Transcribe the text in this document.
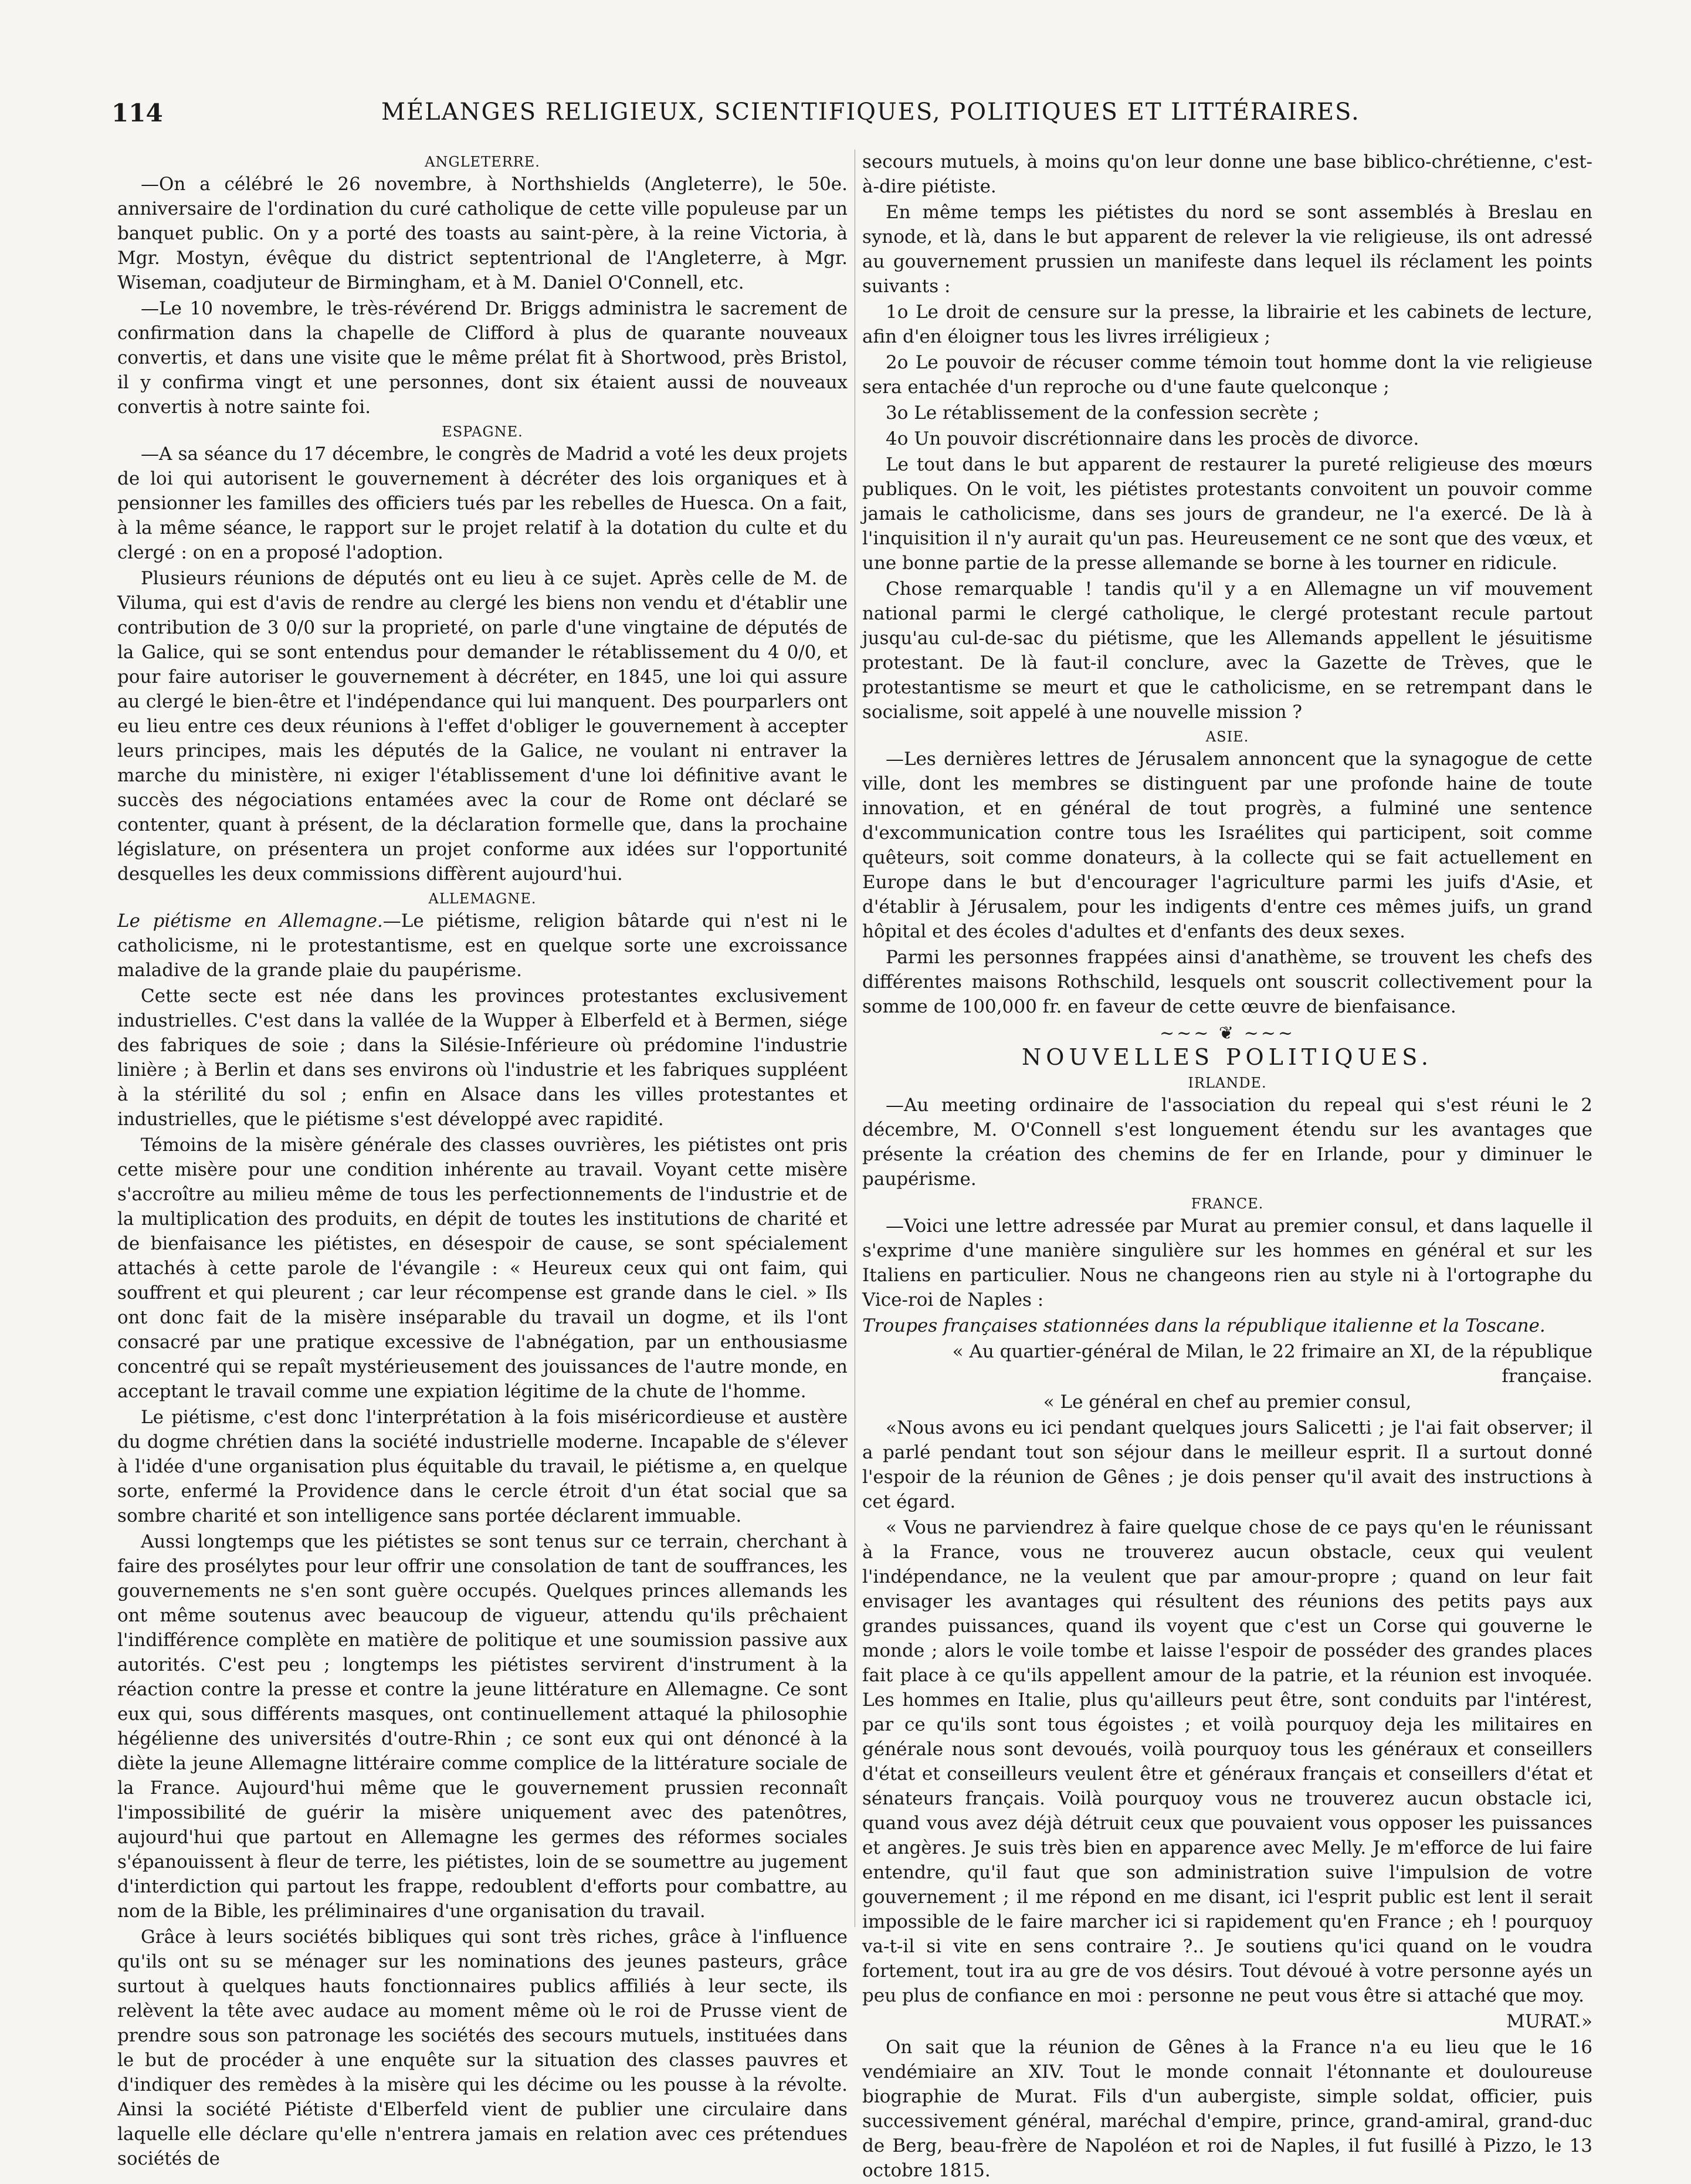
114	MÉLANGES RELIGIEUX, SCIENTIFIQUES, POLITIQUES ET LITTÉRAIRES.
ANGLETERRE.

—On a célébré le 26 novembre, à Northshields (Angleterre), le 50e. anniversaire de l'ordination du curé catholique de cette ville populeuse par un banquet public. On y a porté des toasts au saint-père, à la reine Victoria, à Mgr. Mostyn, évêque du district septentrional de l'Angleterre, à Mgr. Wiseman, coadjuteur de Birmingham, et à M. Daniel O'Connell, etc.

—Le 10 novembre, le très-révérend Dr. Briggs administra le sacrement de confirmation dans la chapelle de Clifford à plus de quarante nouveaux convertis, et dans une visite que le même prélat fit à Shortwood, près Bristol, il y confirma vingt et une personnes, dont six étaient aussi de nouveaux convertis à notre sainte foi.

ESPAGNE.

—A sa séance du 17 décembre, le congrès de Madrid a voté les deux projets de loi qui autorisent le gouvernement à décréter des lois organiques et à pensionner les familles des officiers tués par les rebelles de Huesca. On a fait, à la même séance, le rapport sur le projet relatif à la dotation du culte et du clergé : on en a proposé l'adoption.

Plusieurs réunions de députés ont eu lieu à ce sujet. Après celle de M. de Viluma, qui est d'avis de rendre au clergé les biens non vendu et d'établir une contribution de 3 0/0 sur la proprieté, on parle d'une vingtaine de députés de la Galice, qui se sont entendus pour demander le rétablissement du 4 0/0, et pour faire autoriser le gouvernement à décréter, en 1845, une loi qui assure au clergé le bien-être et l'indépendance qui lui manquent. Des pourparlers ont eu lieu entre ces deux réunions à l'effet d'obliger le gouvernement à accepter leurs principes, mais les députés de la Galice, ne voulant ni entraver la marche du ministère, ni exiger l'établissement d'une loi définitive avant le succès des négociations entamées avec la cour de Rome ont déclaré se contenter, quant à présent, de la déclaration formelle que, dans la prochaine législature, on présentera un projet conforme aux idées sur l'opportunité desquelles les deux commissions diffèrent aujourd'hui.

ALLEMAGNE.

Le piétisme en Allemagne.—Le piétisme, religion bâtarde qui n'est ni le catholicisme, ni le protestantisme, est en quelque sorte une excroissance maladive de la grande plaie du paupérisme.

Cette secte est née dans les provinces protestantes exclusivement industrielles. C'est dans la vallée de la Wupper à Elberfeld et à Bermen, siége des fabriques de soie ; dans la Silésie-Inférieure où prédomine l'industrie linière ; à Berlin et dans ses environs où l'industrie et les fabriques suppléent à la stérilité du sol ; enfin en Alsace dans les villes protestantes et industrielles, que le piétisme s'est développé avec rapidité.

Témoins de la misère générale des classes ouvrières, les piétistes ont pris cette misère pour une condition inhérente au travail. Voyant cette misère s'accroître au milieu même de tous les perfectionnements de l'industrie et de la multiplication des produits, en dépit de toutes les institutions de charité et de bienfaisance les piétistes, en désespoir de cause, se sont spécialement attachés à cette parole de l'évangile : « Heureux ceux qui ont faim, qui souffrent et qui pleurent ; car leur récompense est grande dans le ciel. » Ils ont donc fait de la misère inséparable du travail un dogme, et ils l'ont consacré par une pratique excessive de l'abnégation, par un enthousiasme concentré qui se repaît mystérieusement des jouissances de l'autre monde, en acceptant le travail comme une expiation légitime de la chute de l'homme.

Le piétisme, c'est donc l'interprétation à la fois miséricordieuse et austère du dogme chrétien dans la société industrielle moderne. Incapable de s'élever à l'idée d'une organisation plus équitable du travail, le piétisme a, en quelque sorte, enfermé la Providence dans le cercle étroit d'un état social que sa sombre charité et son intelligence sans portée déclarent immuable.

Aussi longtemps que les piétistes se sont tenus sur ce terrain, cherchant à faire des prosélytes pour leur offrir une consolation de tant de souffrances, les gouvernements ne s'en sont guère occupés. Quelques princes allemands les ont même soutenus avec beaucoup de vigueur, attendu qu'ils prêchaient l'indifférence complète en matière de politique et une soumission passive aux autorités. C'est peu ; longtemps les piétistes servirent d'instrument à la réaction contre la presse et contre la jeune littérature en Allemagne. Ce sont eux qui, sous différents masques, ont continuellement attaqué la philosophie hégélienne des universités d'outre-Rhin ; ce sont eux qui ont dénoncé à la diète la jeune Allemagne littéraire comme complice de la littérature sociale de la France. Aujourd'hui même que le gouvernement prussien reconnaît l'impossibilité de guérir la misère uniquement avec des patenôtres, aujourd'hui que partout en Allemagne les germes des réformes sociales s'épanouissent à fleur de terre, les piétistes, loin de se soumettre au jugement d'interdiction qui partout les frappe, redoublent d'efforts pour combattre, au nom de la Bible, les préliminaires d'une organisation du travail.

Grâce à leurs sociétés bibliques qui sont très riches, grâce à l'influence qu'ils ont su se ménager sur les nominations des jeunes pasteurs, grâce surtout à quelques hauts fonctionnaires publics affiliés à leur secte, ils relèvent la tête avec audace au moment même où le roi de Prusse vient de prendre sous son patronage les sociétés des secours mutuels, instituées dans le but de procéder à une enquête sur la situation des classes pauvres et d'indiquer des remèdes à la misère qui les décime ou les pousse à la révolte. Ainsi la société Piétiste d'Elberfeld vient de publier une circulaire dans laquelle elle déclare qu'elle n'entrera jamais en relation avec ces prétendues sociétés de

secours mutuels, à moins qu'on leur donne une base biblico-chrétienne, c'est-à-dire piétiste.

En même temps les piétistes du nord se sont assemblés à Breslau en synode, et là, dans le but apparent de relever la vie religieuse, ils ont adressé au gouvernement prussien un manifeste dans lequel ils réclament les points suivants :

1o Le droit de censure sur la presse, la librairie et les cabinets de lecture, afin d'en éloigner tous les livres irréligieux ;

2o Le pouvoir de récuser comme témoin tout homme dont la vie religieuse sera entachée d'un reproche ou d'une faute quelconque ;

3o Le rétablissement de la confession secrète ;

4o Un pouvoir discrétionnaire dans les procès de divorce.

Le tout dans le but apparent de restaurer la pureté religieuse des mœurs publiques. On le voit, les piétistes protestants convoitent un pouvoir comme jamais le catholicisme, dans ses jours de grandeur, ne l'a exercé. De là à l'inquisition il n'y aurait qu'un pas. Heureusement ce ne sont que des vœux, et une bonne partie de la presse allemande se borne à les tourner en ridicule.

Chose remarquable ! tandis qu'il y a en Allemagne un vif mouvement national parmi le clergé catholique, le clergé protestant recule partout jusqu'au cul-de-sac du piétisme, que les Allemands appellent le jésuitisme protestant. De là faut-il conclure, avec la Gazette de Trèves, que le protestantisme se meurt et que le catholicisme, en se retrempant dans le socialisme, soit appelé à une nouvelle mission ?

ASIE.

—Les dernières lettres de Jérusalem annoncent que la synagogue de cette ville, dont les membres se distinguent par une profonde haine de toute innovation, et en général de tout progrès, a fulminé une sentence d'excommunication contre tous les Israélites qui participent, soit comme quêteurs, soit comme donateurs, à la collecte qui se fait actuellement en Europe dans le but d'encourager l'agriculture parmi les juifs d'Asie, et d'établir à Jérusalem, pour les indigents d'entre ces mêmes juifs, un grand hôpital et des écoles d'adultes et d'enfants des deux sexes.

Parmi les personnes frappées ainsi d'anathème, se trouvent les chefs des différentes maisons Rothschild, lesquels ont souscrit collectivement pour la somme de 100,000 fr. en faveur de cette œuvre de bienfaisance.

~~~ ❦ ~~~
NOUVELLES POLITIQUES.
IRLANDE.

—Au meeting ordinaire de l'association du repeal qui s'est réuni le 2 décembre, M. O'Connell s'est longuement étendu sur les avantages que présente la création des chemins de fer en Irlande, pour y diminuer le paupérisme.

FRANCE.

—Voici une lettre adressée par Murat au premier consul, et dans laquelle il s'exprime d'une manière singulière sur les hommes en général et sur les Italiens en particulier. Nous ne changeons rien au style ni à l'ortographe du Vice-roi de Naples :

Troupes françaises stationnées dans la république italienne et la Toscane.

« Au quartier-général de Milan, le 22 frimaire an XI, de la république française.

« Le général en chef au premier consul,

«Nous avons eu ici pendant quelques jours Salicetti ; je l'ai fait observer; il a parlé pendant tout son séjour dans le meilleur esprit. Il a surtout donné l'espoir de la réunion de Gênes ; je dois penser qu'il avait des instructions à cet égard.

« Vous ne parviendrez à faire quelque chose de ce pays qu'en le réunissant à la France, vous ne trouverez aucun obstacle, ceux qui veulent l'indépendance, ne la veulent que par amour-propre ; quand on leur fait envisager les avantages qui résultent des réunions des petits pays aux grandes puissances, quand ils voyent que c'est un Corse qui gouverne le monde ; alors le voile tombe et laisse l'espoir de posséder des grandes places fait place à ce qu'ils appellent amour de la patrie, et la réunion est invoquée. Les hommes en Italie, plus qu'ailleurs peut être, sont conduits par l'intérest, par ce qu'ils sont tous égoistes ; et voilà pourquoy deja les militaires en générale nous sont devoués, voilà pourquoy tous les généraux et conseillers d'état et conseilleurs veulent être et généraux français et conseillers d'état et sénateurs français. Voilà pourquoy vous ne trouverez aucun obstacle ici, quand vous avez déjà détruit ceux que pouvaient vous opposer les puissances et angères. Je suis très bien en apparence avec Melly. Je m'efforce de lui faire entendre, qu'il faut que son administration suive l'impulsion de votre gouvernement ; il me répond en me disant, ici l'esprit public est lent il serait impossible de le faire marcher ici si rapidement qu'en France ; eh ! pourquoy va-t-il si vite en sens contraire ?.. Je soutiens qu'ici quand on le voudra fortement, tout ira au gre de vos désirs. Tout dévoué à votre personne ayés un peu plus de confiance en moi : personne ne peut vous être si attaché que moy.

MURAT.»

On sait que la réunion de Gênes à la France n'a eu lieu que le 16 vendémiaire an XIV. Tout le monde connait l'étonnante et douloureuse biographie de Murat. Fils d'un aubergiste, simple soldat, officier, puis successivement général, maréchal d'empire, prince, grand-amiral, grand-duc de Berg, beau-frère de Napoléon et roi de Naples, il fut fusillé à Pizzo, le 13 octobre 1815.
